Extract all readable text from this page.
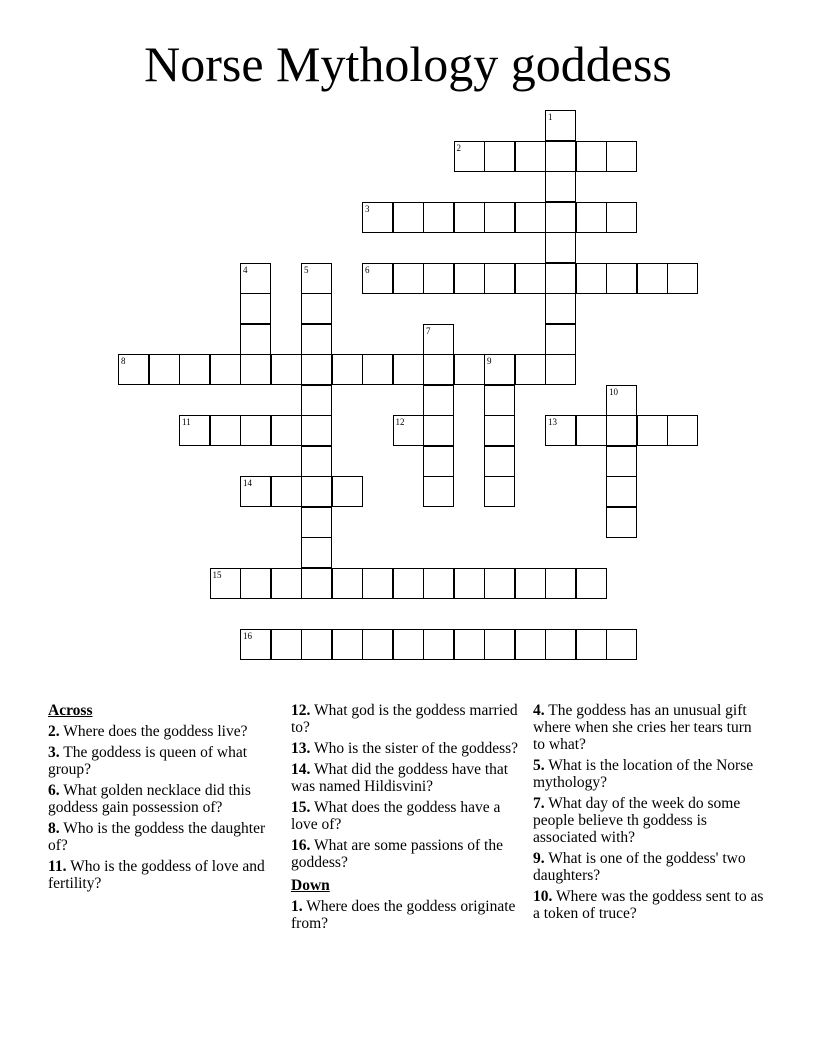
Norse Mythology goddess
1
2
3
4	5	6
7
8	9
10
11	12	13
14
15
16
Across
2. Where does the goddess live?
3. The goddess is queen of what group?
6. What golden necklace did this goddess gain possession of?
8. Who is the goddess the daughter of?
11. Who is the goddess of love and fertility?
12. What god is the goddess married to?
13. Who is the sister of the goddess?
14. What did the goddess have that was named Hildisvini?
15. What does the goddess have a love of?
16. What are some passions of the goddess?
Down
1. Where does the goddess originate from?
4. The goddess has an unusual gift where when she cries her tears turn to what?
5. What is the location of the Norse mythology?
7. What day of the week do some people believe th goddess is associated with?
9. What is one of the goddess' two daughters?
10. Where was the goddess sent to as a token of truce?
